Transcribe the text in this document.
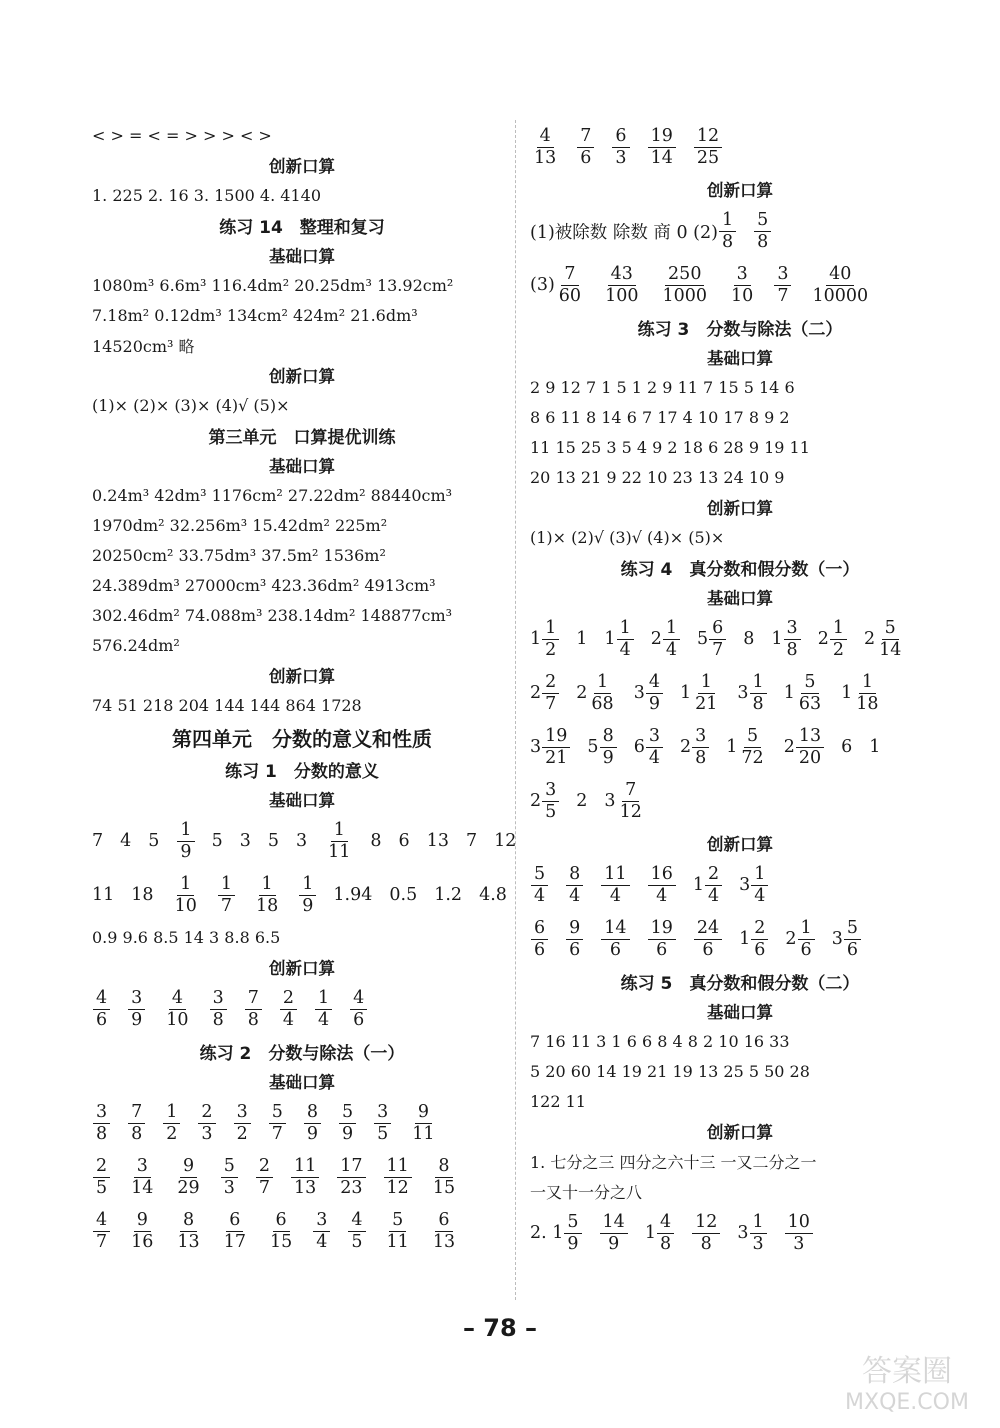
< > = < = > > > < >
创新口算
1. 225 2. 16 3. 1500 4. 4140
练习 14　整理和复习
基础口算
1080m³ 6.6m³ 116.4dm² 20.25dm³ 13.92cm²
7.18m² 0.12dm³ 134cm² 424m² 21.6dm³
14520cm³ 略
创新口算
(1)× (2)× (3)× (4)√ (5)×
第三单元　口算提优训练
基础口算
0.24m³ 42dm³ 1176cm² 27.22dm² 88440cm³
1970dm² 32.256m³ 15.42dm² 225m²
20250cm² 33.75dm³ 37.5m² 1536m²
24.389dm³ 27000cm³ 423.36dm² 4913cm³
302.46dm² 74.088m³ 238.14dm² 148877cm³
576.24dm²
创新口算
74 51 218 204 144 144 864 1728
第四单元　分数的意义和性质
练习 1　分数的意义
基础口算
7 4 $5 \frac{1}{9} 5$ 3 5 $3 \frac{1}{11} 8$ 6 13 7 12
11 $18 \frac{1}{10} \frac{1}{7} \frac{1}{18} \frac{1}{9} 1.94$ 0.5 1.2 4.8
0.9 9.6 8.5 14 3 8.8 6.5
创新口算
$\frac{4}{6} \frac{3}{9} \frac{4}{10} \frac{3}{8} \frac{7}{8} \frac{2}{4} \frac{1}{4} \frac{4}{6}$
练习 2　分数与除法（一）
基础口算
$\frac{3}{8} \frac{7}{8} \frac{1}{2} \frac{2}{3} \frac{3}{2} \frac{5}{7} \frac{8}{9} \frac{5}{9} \frac{3}{5} \frac{9}{11}$
$\frac{2}{5} \frac{3}{14} \frac{9}{29} \frac{5}{3} \frac{2}{7} \frac{11}{13} \frac{17}{23} \frac{11}{12} \frac{8}{15}$
$\frac{4}{7} \frac{9}{16} \frac{8}{13} \frac{6}{17} \frac{6}{15} \frac{3}{4} \frac{4}{5} \frac{5}{11} \frac{6}{13}$
$\frac{4}{13} \frac{7}{6} \frac{6}{3} \frac{19}{14} \frac{12}{25}$
创新口算
(1)被除数 除数 商 0 $(2) \frac{1}{8} \frac{5}{8}$
$(3) \frac{7}{60} \frac{43}{100} \frac{250}{1000} \frac{3}{10} \frac{3}{7} \frac{40}{10000}$
练习 3　分数与除法（二）
基础口算
2 9 12 7 1 5 1 2 9 11 7 15 5 14 6
8 6 11 8 14 6 7 17 4 10 17 8 9 2
11 15 25 3 5 4 9 2 18 6 28 9 19 11
20 13 21 9 22 10 23 13 24 10 9
创新口算
(1)× (2)√ (3)√ (4)× (5)×
练习 4　真分数和假分数（一）
基础口算
$1 \frac{1}{2} 1$ $1 \frac{1}{4} 2 \frac{1}{4} 5 \frac{6}{7} 8$ $1 \frac{3}{8} 2 \frac{1}{2} 2 \frac{5}{14}$
$2 \frac{2}{7} 2 \frac{1}{68} 3 \frac{4}{9} 1 \frac{1}{21} 3 \frac{1}{8} 1 \frac{5}{63} 1 \frac{1}{18}$
$3 \frac{19}{21} 5 \frac{8}{9} 6 \frac{3}{4} 2 \frac{3}{8} 1 \frac{5}{72} 2 \frac{13}{20} 6$ 1
$2 \frac{3}{5} 2$ $3 \frac{7}{12}$
创新口算
$\frac{5}{4} \frac{8}{4} \frac{11}{4} \frac{16}{4} 1 \frac{2}{4} 3 \frac{1}{4}$
$\frac{6}{6} \frac{9}{6} \frac{14}{6} \frac{19}{6} \frac{24}{6} 1 \frac{2}{6} 2 \frac{1}{6} 3 \frac{5}{6}$
练习 5　真分数和假分数（二）
基础口算
7 16 11 3 1 6 6 8 4 8 2 10 16 33
5 20 60 14 19 21 19 13 25 5 50 28
122 11
创新口算
1. 七分之三 四分之六十三 一又二分之一
一又十一分之八
2. $1 \frac{5}{9} \frac{14}{9} 1 \frac{4}{8} \frac{12}{8} 3 \frac{1}{3} \frac{10}{3}$
– 78 –
答案圈
MXQE.COM
